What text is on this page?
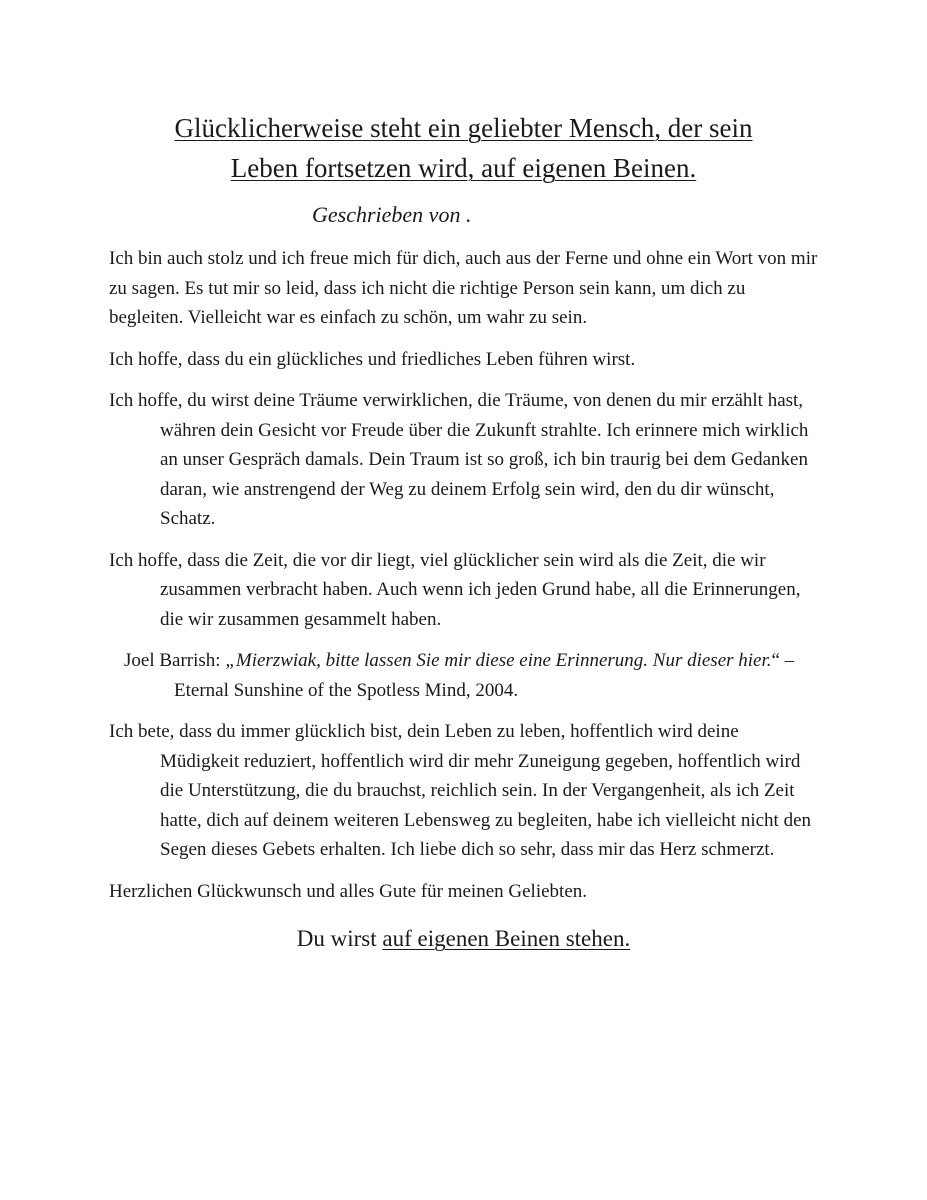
Glücklicherweise steht ein geliebter Mensch, der sein
Leben fortsetzen wird, auf eigenen Beinen.

Geschrieben von .

Ich bin auch stolz und ich freue mich für dich, auch aus der Ferne und ohne ein Wort von mir zu sagen. Es tut mir so leid, dass ich nicht die richtige Person sein kann, um dich zu begleiten. Vielleicht war es einfach zu schön, um wahr zu sein.

Ich hoffe, dass du ein glückliches und friedliches Leben führen wirst.

Ich hoffe, du wirst deine Träume verwirklichen, die Träume, von denen du mir erzählt hast, währen dein Gesicht vor Freude über die Zukunft strahlte. Ich erinnere mich wirklich an unser Gespräch damals. Dein Traum ist so groß, ich bin traurig bei dem Gedanken daran, wie anstrengend der Weg zu deinem Erfolg sein wird, den du dir wünscht, Schatz.

Ich hoffe, dass die Zeit, die vor dir liegt, viel glücklicher sein wird als die Zeit, die wir zusammen verbracht haben. Auch wenn ich jeden Grund habe, all die Erinnerungen, die wir zusammen gesammelt haben.

Joel Barrish: „Mierzwiak, bitte lassen Sie mir diese eine Erinnerung. Nur dieser hier.“ – Eternal Sunshine of the Spotless Mind, 2004.

Ich bete, dass du immer glücklich bist, dein Leben zu leben, hoffentlich wird deine Müdigkeit reduziert, hoffentlich wird dir mehr Zuneigung gegeben, hoffentlich wird die Unterstützung, die du brauchst, reichlich sein. In der Vergangenheit, als ich Zeit hatte, dich auf deinem weiteren Lebensweg zu begleiten, habe ich vielleicht nicht den Segen dieses Gebets erhalten. Ich liebe dich so sehr, dass mir das Herz schmerzt.

Herzlichen Glückwunsch und alles Gute für meinen Geliebten.

Du wirst auf eigenen Beinen stehen.
